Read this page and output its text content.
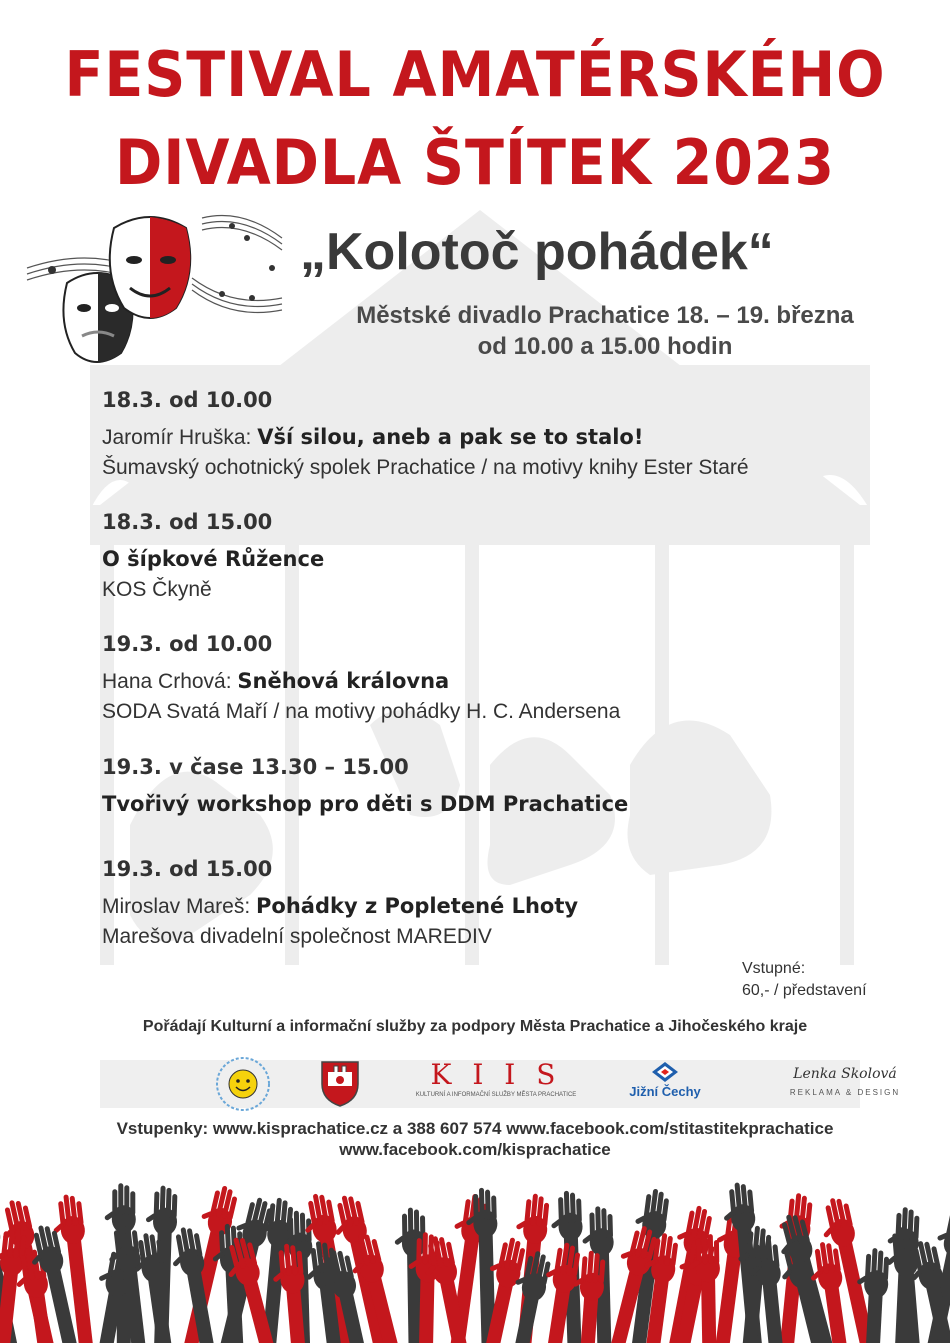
FESTIVAL AMATÉRSKÉHO
DIVADLA ŠTÍTEK 2023
„Kolotoč pohádek“
Městské divadlo Prachatice 18. – 19. března
od 10.00 a 15.00 hodin
18.3. od 10.00
Jaromír Hruška: Vší silou, aneb a pak se to stalo!
Šumavský ochotnický spolek Prachatice / na motivy knihy Ester Staré
18.3. od 15.00
O šípkové Růžence
KOS Čkyně
19.3. od 10.00
Hana Crhová: Sněhová královna
SODA Svatá Maří / na motivy pohádky H. C. Andersena
19.3. v čase 13.30 – 15.00
Tvořivý workshop pro děti s DDM Prachatice
19.3. od 15.00
Miroslav Mareš: Pohádky z Popletené Lhoty
Marešova divadelní společnost MAREDIV
Vstupné:
60,- / představení
Pořádají Kulturní a informační služby za podpory Města Prachatice a Jihočeského kraje
K I I S
KULTURNÍ A INFORMAČNÍ SLUŽBY MĚSTA PRACHATICE	Jižní Čechy
Lenka Skolová
REKLAMA & DESIGN
Vstupenky: www.kisprachatice.cz a 388 607 574 www.facebook.com/stitastitekprachatice
www.facebook.com/kisprachatice
